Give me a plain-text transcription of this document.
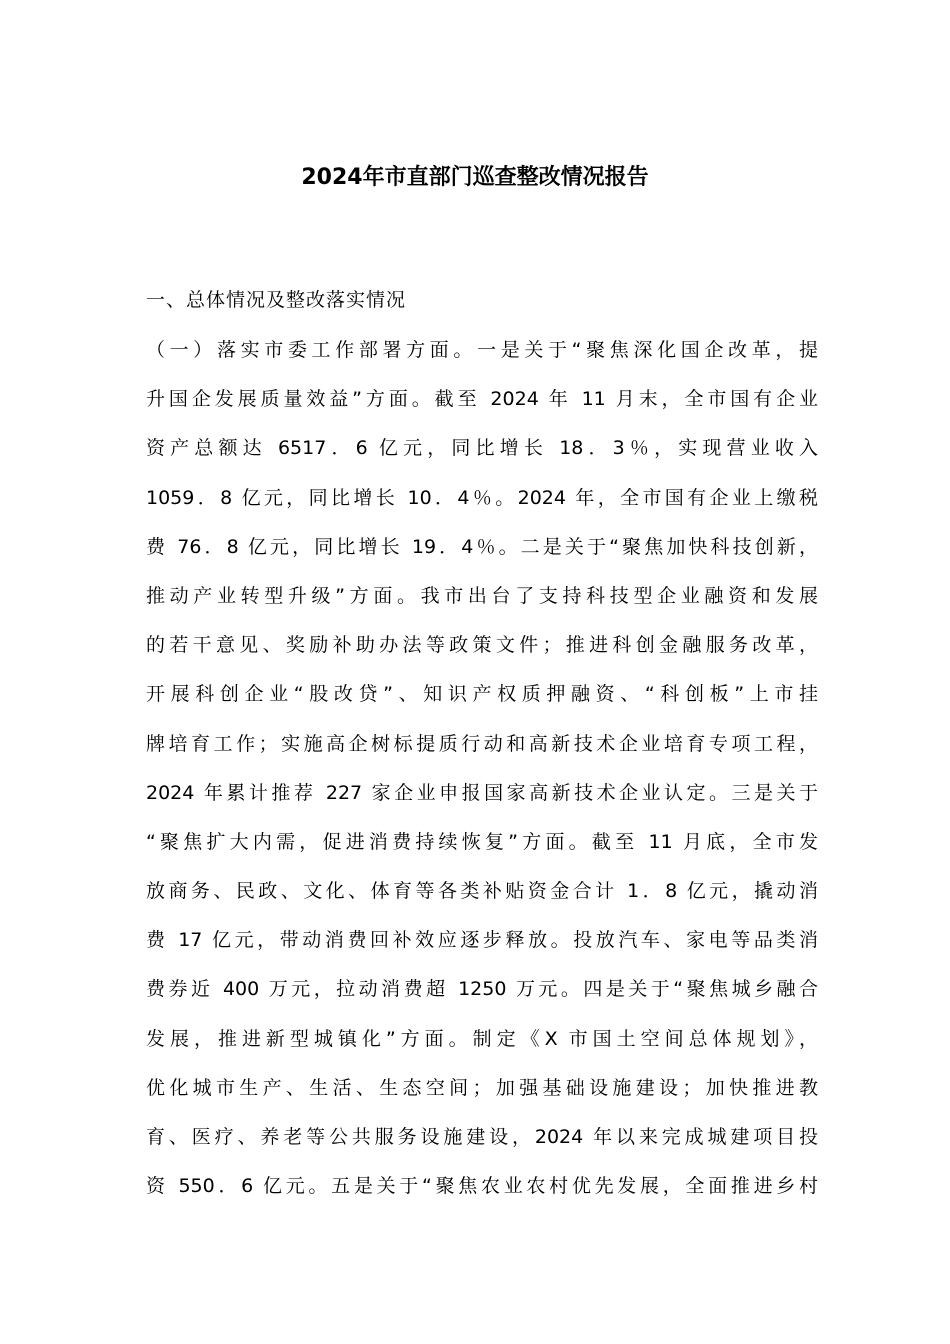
2024年市直部门巡查整改情况报告
一、总体情况及整改落实情况
（一）落实市委工作部署方面。一是关于“聚焦深化国企改革，提
升国企发展质量效益”方面。截至 2024 年 11 月末，全市国有企业
资产总额达 6517．6 亿元，同比增长 18．3％，实现营业收入
1059．8 亿元，同比增长 10．4％。2024 年，全市国有企业上缴税
费 76．8 亿元，同比增长 19．4％。二是关于“聚焦加快科技创新，
推动产业转型升级”方面。我市出台了支持科技型企业融资和发展
的若干意见、奖励补助办法等政策文件；推进科创金融服务改革，
开展科创企业“股改贷”、知识产权质押融资、“科创板”上市挂
牌培育工作；实施高企树标提质行动和高新技术企业培育专项工程，
2024 年累计推荐 227 家企业申报国家高新技术企业认定。三是关于
“聚焦扩大内需，促进消费持续恢复”方面。截至 11 月底，全市发
放商务、民政、文化、体育等各类补贴资金合计 1．8 亿元，撬动消
费 17 亿元，带动消费回补效应逐步释放。投放汽车、家电等品类消
费券近 400 万元，拉动消费超 1250 万元。四是关于“聚焦城乡融合
发展，推进新型城镇化”方面。制定《X 市国土空间总体规划》，
优化城市生产、生活、生态空间；加强基础设施建设；加快推进教
育、医疗、养老等公共服务设施建设，2024 年以来完成城建项目投
资 550．6 亿元。五是关于“聚焦农业农村优先发展，全面推进乡村
